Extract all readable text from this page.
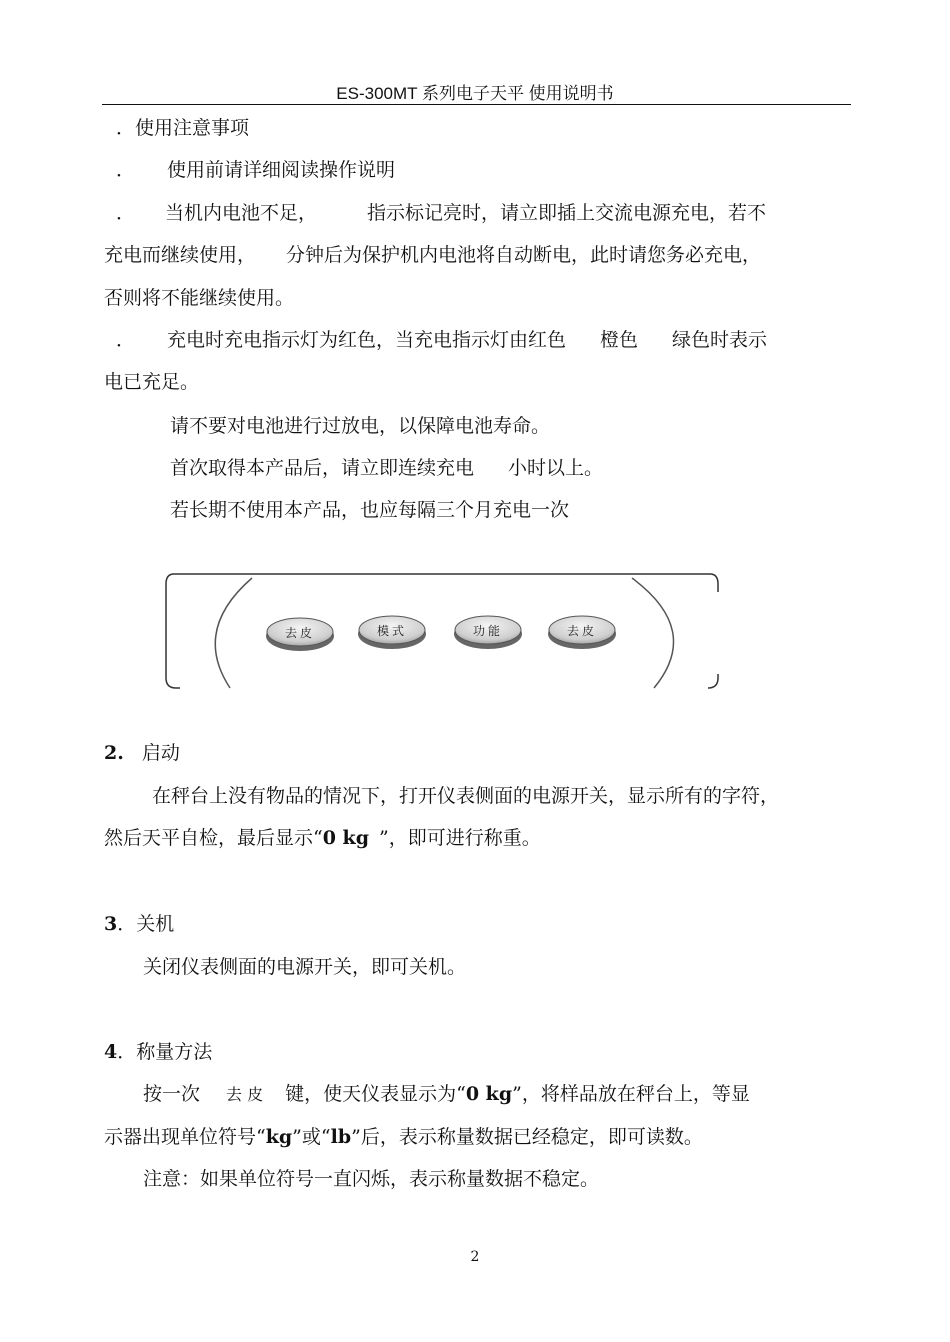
ES-300MT 系列电子天平 使用说明书
．使用注意事项
． 使用前请详细阅读操作说明
． 当机内电池不足，	指示标记亮时，请立即插上交流电源充电，若不
充电而继续使用， 分钟后为保护机内电池将自动断电，此时请您务必充电，
否则将不能继续使用。
． 充电时充电指示灯为红色，当充电指示灯由红色 橙色 绿色时表示
电已充足。
请不要对电池进行过放电，以保障电池寿命。
首次取得本产品后，请立即连续充电 小时以上。
若长期不使用本产品，也应每隔三个月充电一次
去皮	模式	功能	去皮
2. 启动
在秤台上没有物品的情况下，打开仪表侧面的电源开关，显示所有的字符，
然后天平自检，最后显示“0 kg ”，即可进行称重。
3．关机
关闭仪表侧面的电源开关，即可关机。
4．称量方法
按一次 去 皮 键，使天仪表显示为“0 kg”，将样品放在秤台上，等显
示器出现单位符号“kg”或“lb”后，表示称量数据已经稳定，即可读数。
注意：如果单位符号一直闪烁，表示称量数据不稳定。
2
